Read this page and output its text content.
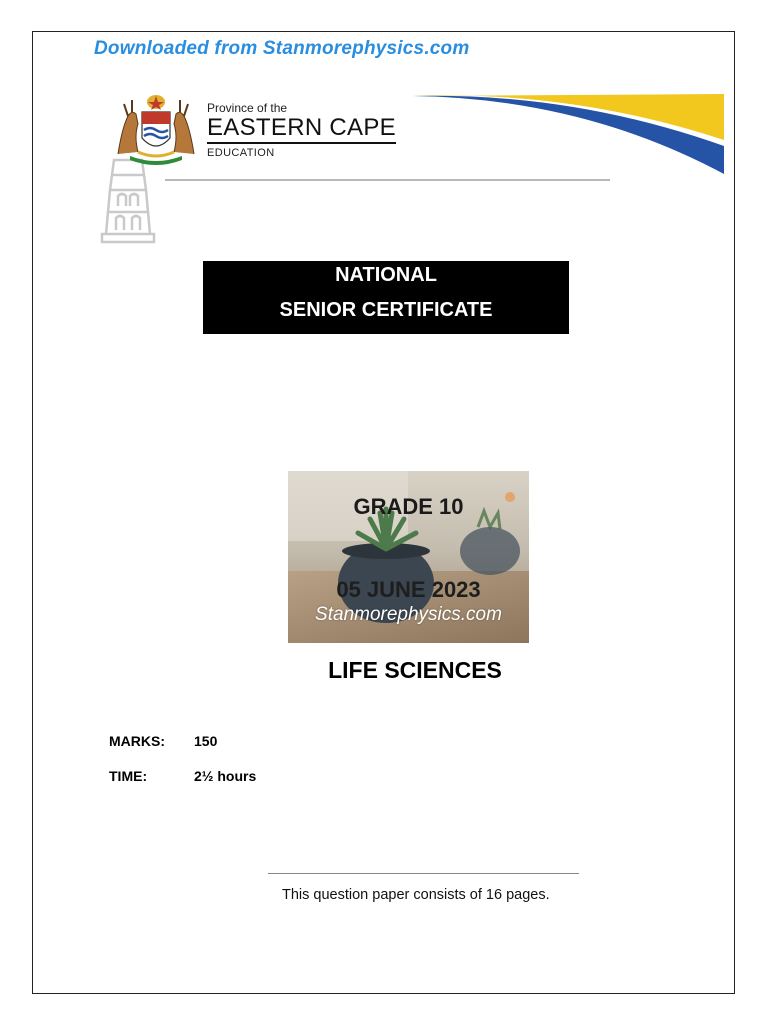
Downloaded from Stanmorephysics.com
Province of the
EASTERN CAPE
EDUCATION
NATIONAL
SENIOR CERTIFICATE
GRADE 10
05 JUNE 2023
Stanmorephysics.com
LIFE SCIENCES
MARKS: 150
TIME:	2½ hours
This question paper consists of 16 pages.
